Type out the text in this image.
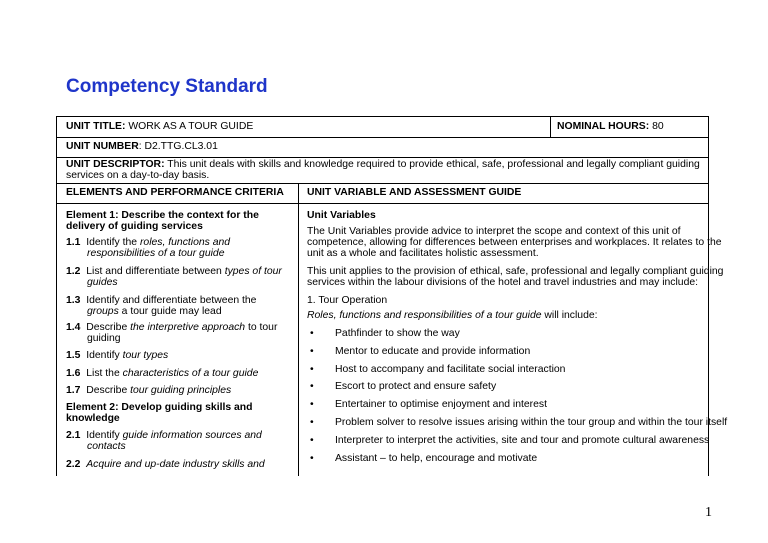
Competency Standard
UNIT TITLE: WORK AS A TOUR GUIDE	NOMINAL HOURS: 80
UNIT NUMBER: D2.TTG.CL3.01
UNIT DESCRIPTOR: This unit deals with skills and knowledge required to provide ethical, safe, professional and legally compliant guiding
services on a day-to-day basis.
ELEMENTS AND PERFORMANCE CRITERIA UNIT VARIABLE AND ASSESSMENT GUIDE
Element 1: Describe the context for the
delivery of guiding services
1.1 Identify the roles, functions and
responsibilities of a tour guide
1.2 List and differentiate between types of tour
guides
1.3 Identify and differentiate between the
groups a tour guide may lead
1.4 Describe the interpretive approach to tour
guiding
1.5 Identify tour types
1.6 List the characteristics of a tour guide
1.7 Describe tour guiding principles
Element 2: Develop guiding skills and
knowledge
2.1 Identify guide information sources and
contacts
2.2 Acquire and up-date industry skills and
Unit Variables
The Unit Variables provide advice to interpret the scope and context of this unit of
competence, allowing for differences between enterprises and workplaces. It relates to the
unit as a whole and facilitates holistic assessment.
This unit applies to the provision of ethical, safe, professional and legally compliant guiding
services within the labour divisions of the hotel and travel industries and may include:
1. Tour Operation
Roles, functions and responsibilities of a tour guide will include:
• Pathfinder to show the way
• Mentor to educate and provide information
• Host to accompany and facilitate social interaction
• Escort to protect and ensure safety
• Entertainer to optimise enjoyment and interest
• Problem solver to resolve issues arising within the tour group and within the tour itself
• Interpreter to interpret the activities, site and tour and promote cultural awareness
• Assistant – to help, encourage and motivate
1
